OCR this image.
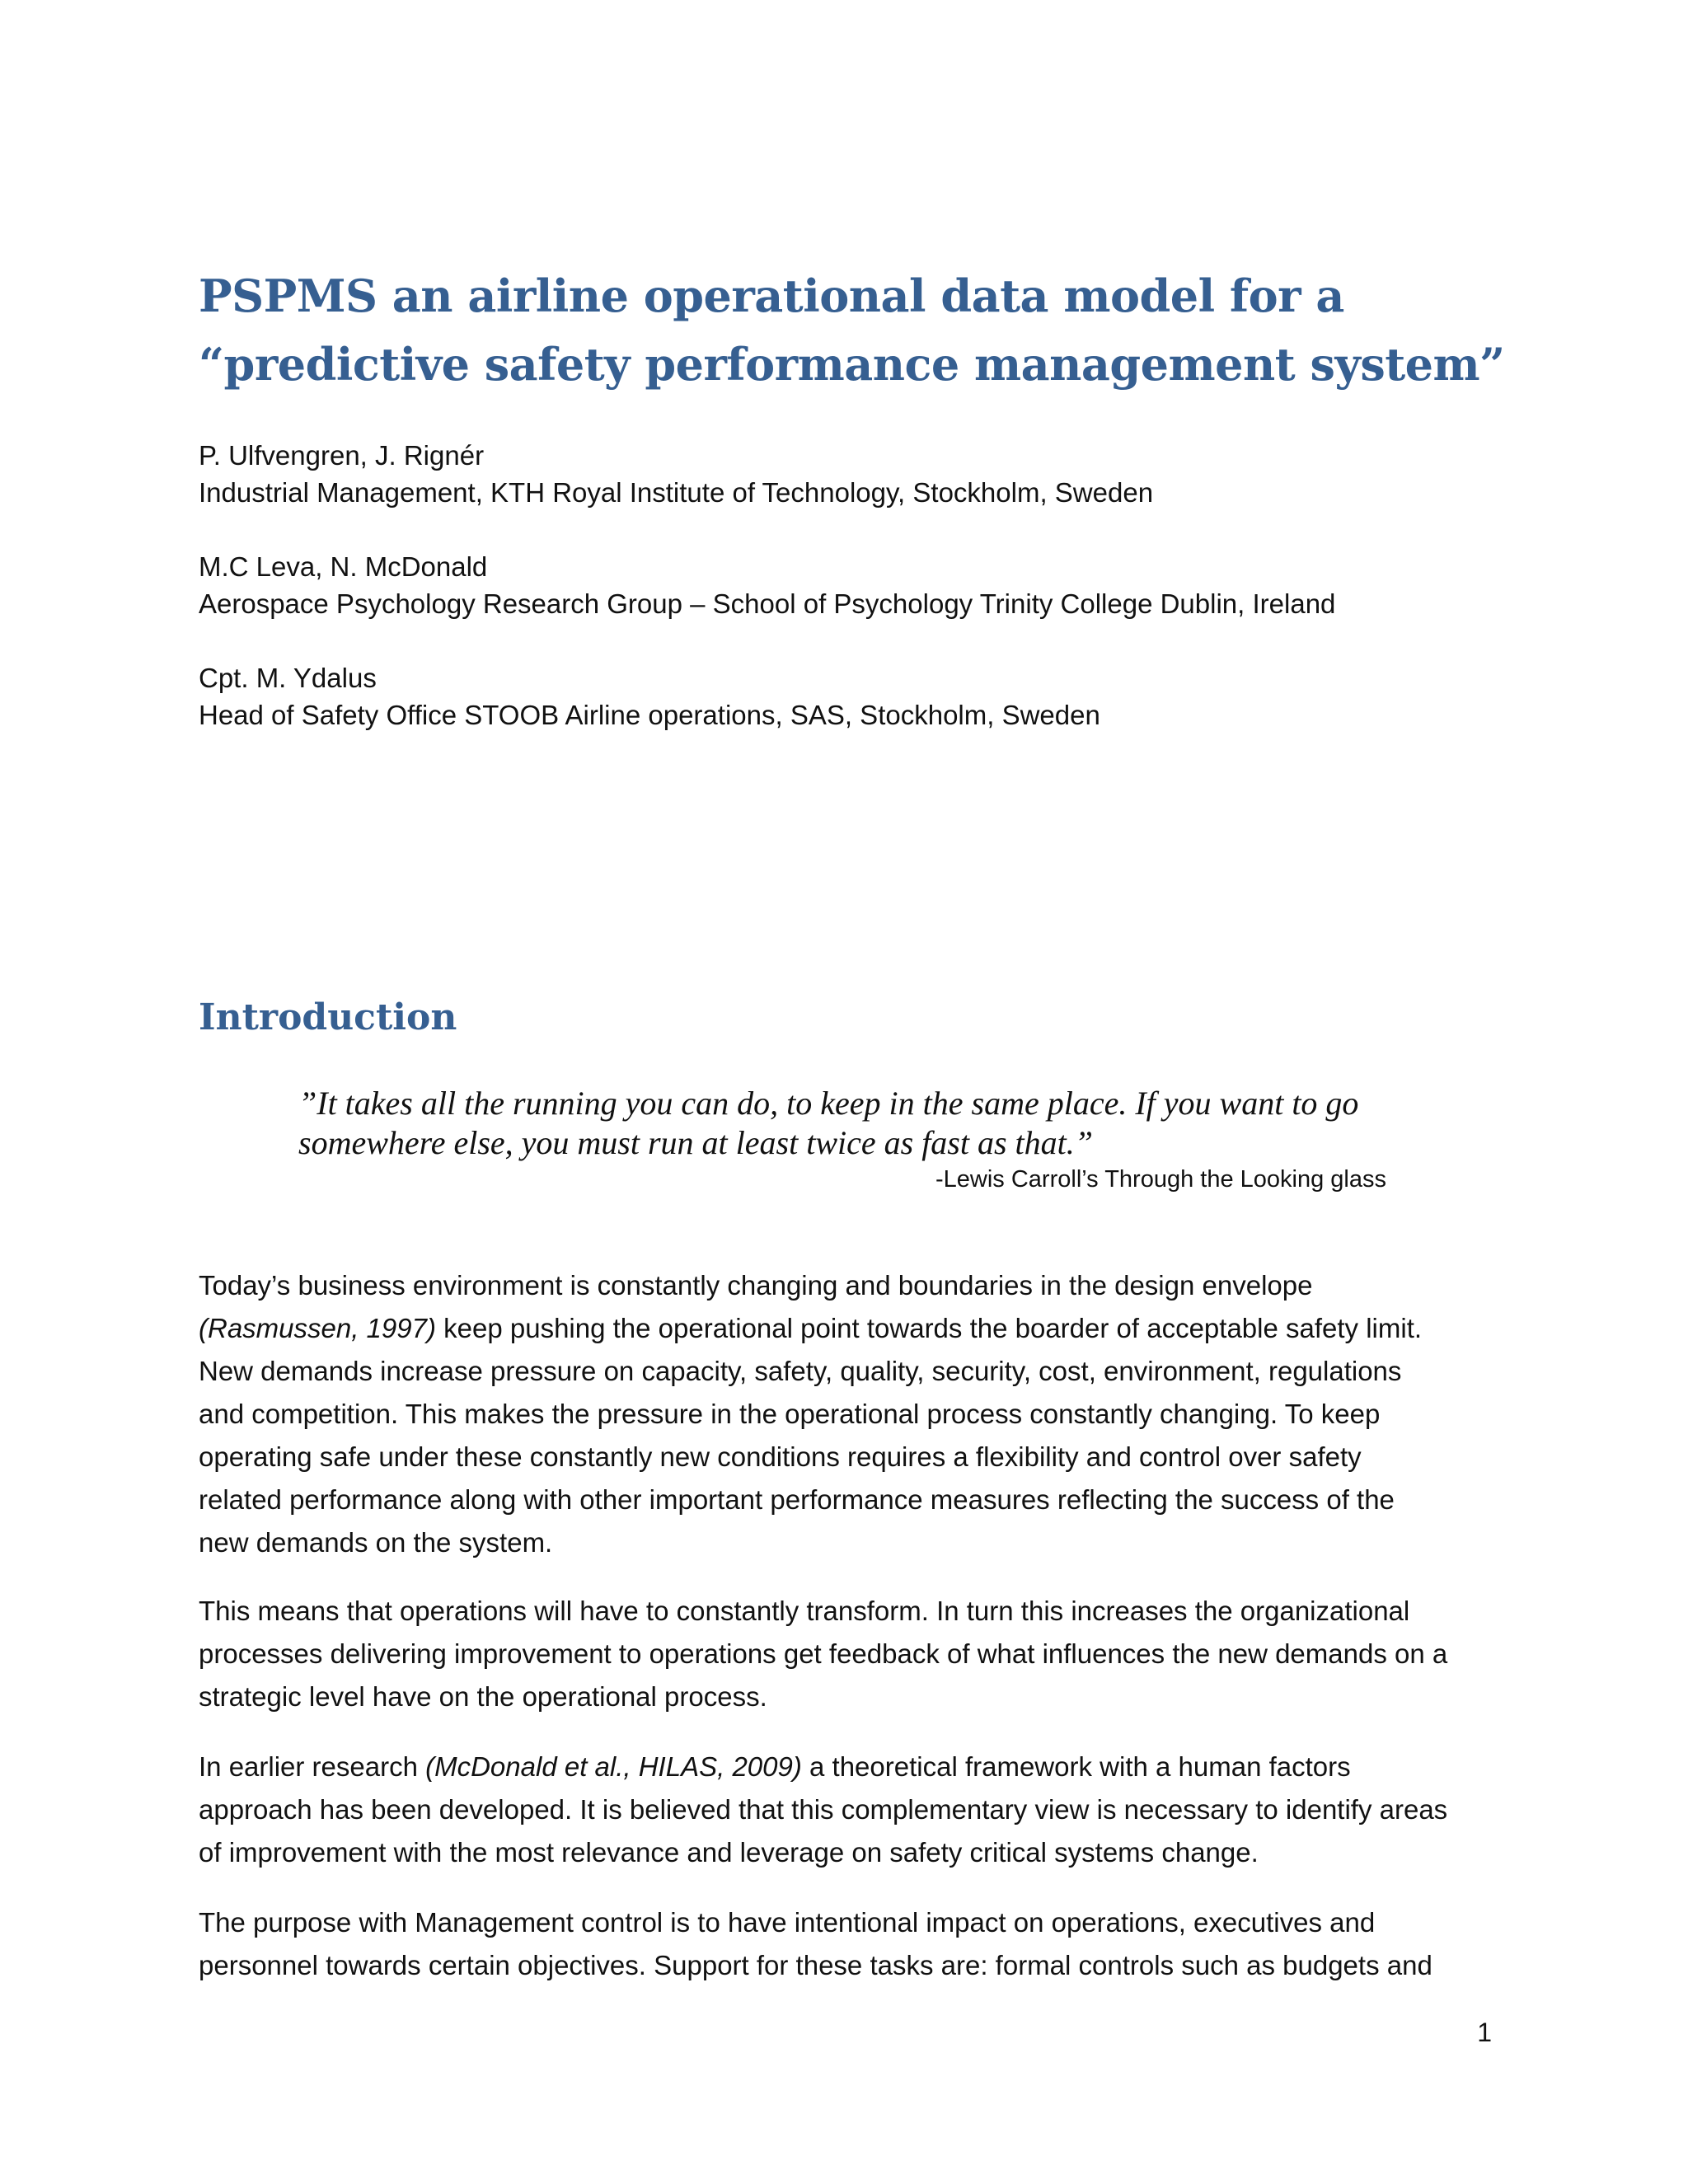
PSPMS an airline operational data model for a
“predictive safety performance management system”
P. Ulfvengren, J. Rignér
Industrial Management, KTH Royal Institute of Technology, Stockholm, Sweden
M.C Leva, N. McDonald
Aerospace Psychology Research Group – School of Psychology Trinity College Dublin, Ireland
Cpt. M. Ydalus
Head of Safety Office STOOB Airline operations, SAS, Stockholm, Sweden
Introduction
”It takes all the running you can do, to keep in the same place. If you want to go
somewhere else, you must run at least twice as fast as that.”
-Lewis Carroll’s Through the Looking glass
Today’s business environment is constantly changing and boundaries in the design envelope
(Rasmussen, 1997) keep pushing the operational point towards the boarder of acceptable safety limit.
New demands increase pressure on capacity, safety, quality, security, cost, environment, regulations
and competition. This makes the pressure in the operational process constantly changing. To keep
operating safe under these constantly new conditions requires a flexibility and control over safety
related performance along with other important performance measures reflecting the success of the
new demands on the system.
This means that operations will have to constantly transform. In turn this increases the organizational
processes delivering improvement to operations get feedback of what influences the new demands on a
strategic level have on the operational process.
In earlier research (McDonald et al., HILAS, 2009) a theoretical framework with a human factors
approach has been developed. It is believed that this complementary view is necessary to identify areas
of improvement with the most relevance and leverage on safety critical systems change.
The purpose with Management control is to have intentional impact on operations, executives and
personnel towards certain objectives. Support for these tasks are: formal controls such as budgets and
1
